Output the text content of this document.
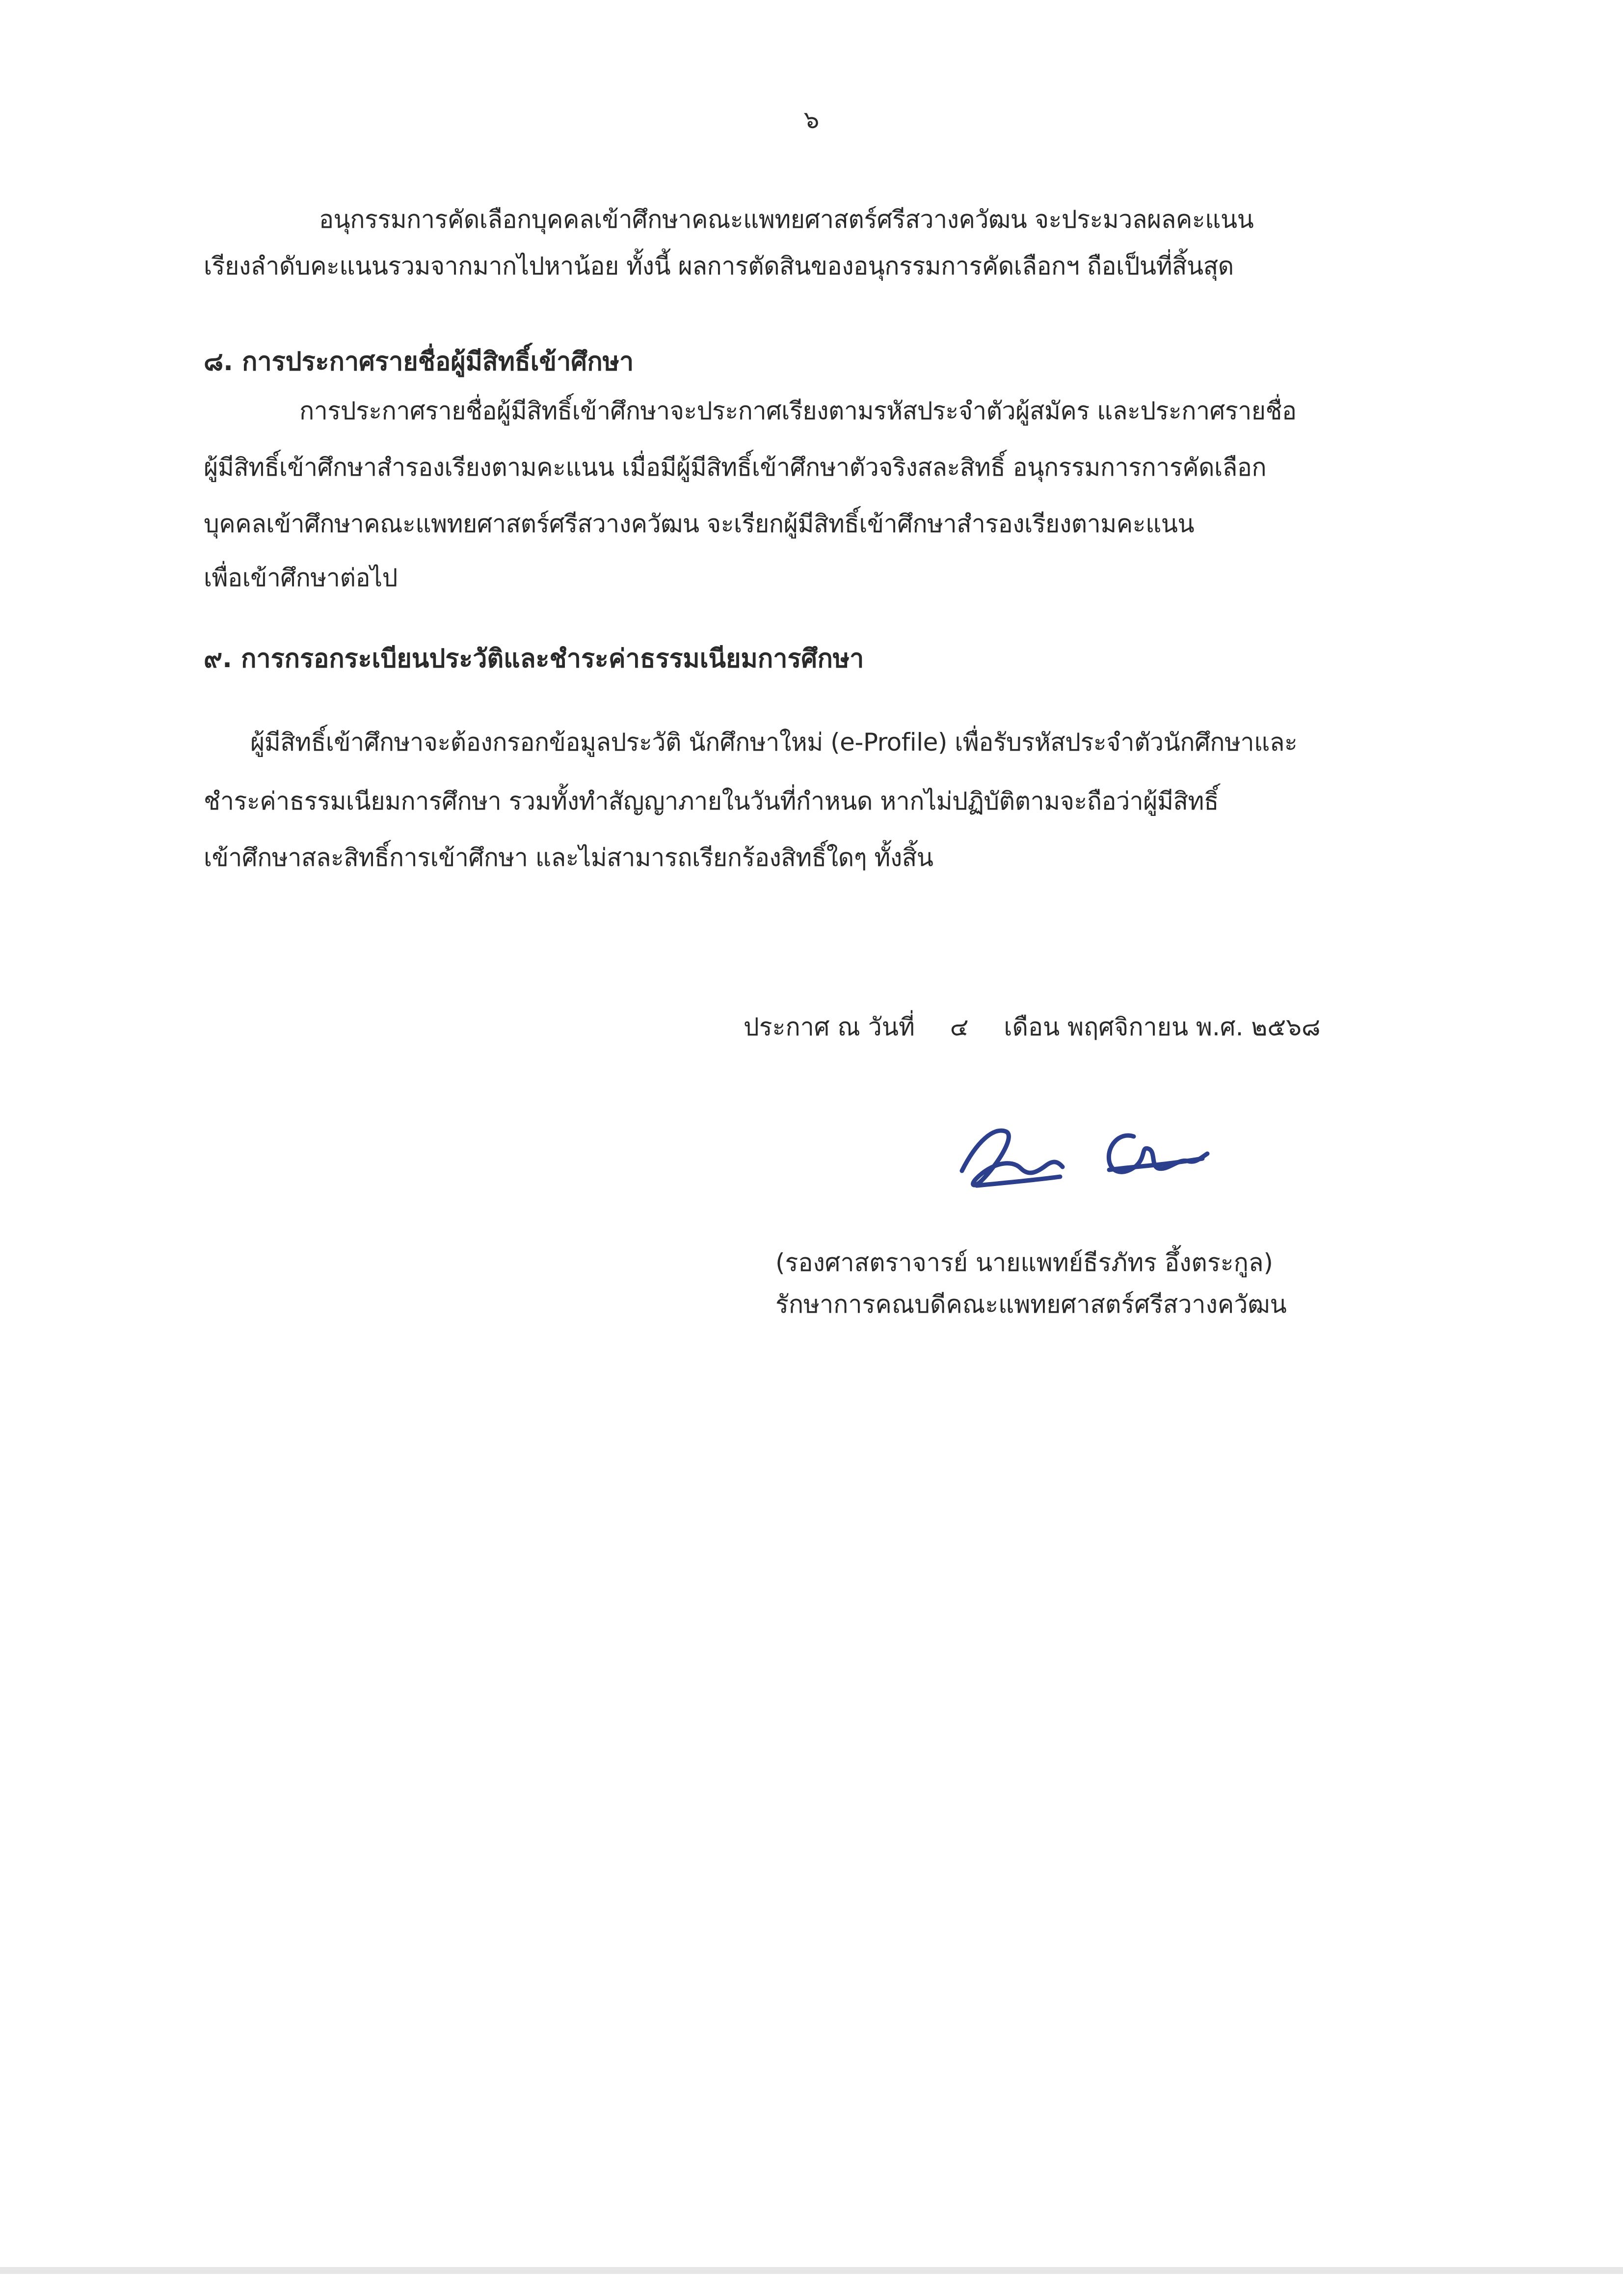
๖
อนุกรรมการคัดเลือกบุคคลเข้าศึกษาคณะแพทยศาสตร์ศรีสวางควัฒน จะประมวลผลคะแนน
เรียงลำดับคะแนนรวมจากมากไปหาน้อย ทั้งนี้ ผลการตัดสินของอนุกรรมการคัดเลือกฯ ถือเป็นที่สิ้นสุด
๘. การประกาศรายชื่อผู้มีสิทธิ์เข้าศึกษา
การประกาศรายชื่อผู้มีสิทธิ์เข้าศึกษาจะประกาศเรียงตามรหัสประจำตัวผู้สมัคร และประกาศรายชื่อ
ผู้มีสิทธิ์เข้าศึกษาสำรองเรียงตามคะแนน เมื่อมีผู้มีสิทธิ์เข้าศึกษาตัวจริงสละสิทธิ์ อนุกรรมการการคัดเลือก
บุคคลเข้าศึกษาคณะแพทยศาสตร์ศรีสวางควัฒน จะเรียกผู้มีสิทธิ์เข้าศึกษาสำรองเรียงตามคะแนน
เพื่อเข้าศึกษาต่อไป
๙. การกรอกระเบียนประวัติและชำระค่าธรรมเนียมการศึกษา
ผู้มีสิทธิ์เข้าศึกษาจะต้องกรอกข้อมูลประวัติ นักศึกษาใหม่ (e-Profile) เพื่อรับรหัสประจำตัวนักศึกษาและ
ชำระค่าธรรมเนียมการศึกษา รวมทั้งทำสัญญาภายในวันที่กำหนด หากไม่ปฏิบัติตามจะถือว่าผู้มีสิทธิ์
เข้าศึกษาสละสิทธิ์การเข้าศึกษา และไม่สามารถเรียกร้องสิทธิ์ใดๆ ทั้งสิ้น
ประกาศ ณ วันที่ ๔ เดือน พฤศจิกายน พ.ศ. ๒๕๖๘
(รองศาสตราจารย์ นายแพทย์ธีรภัทร อึ้งตระกูล)
รักษาการคณบดีคณะแพทยศาสตร์ศรีสวางควัฒน
